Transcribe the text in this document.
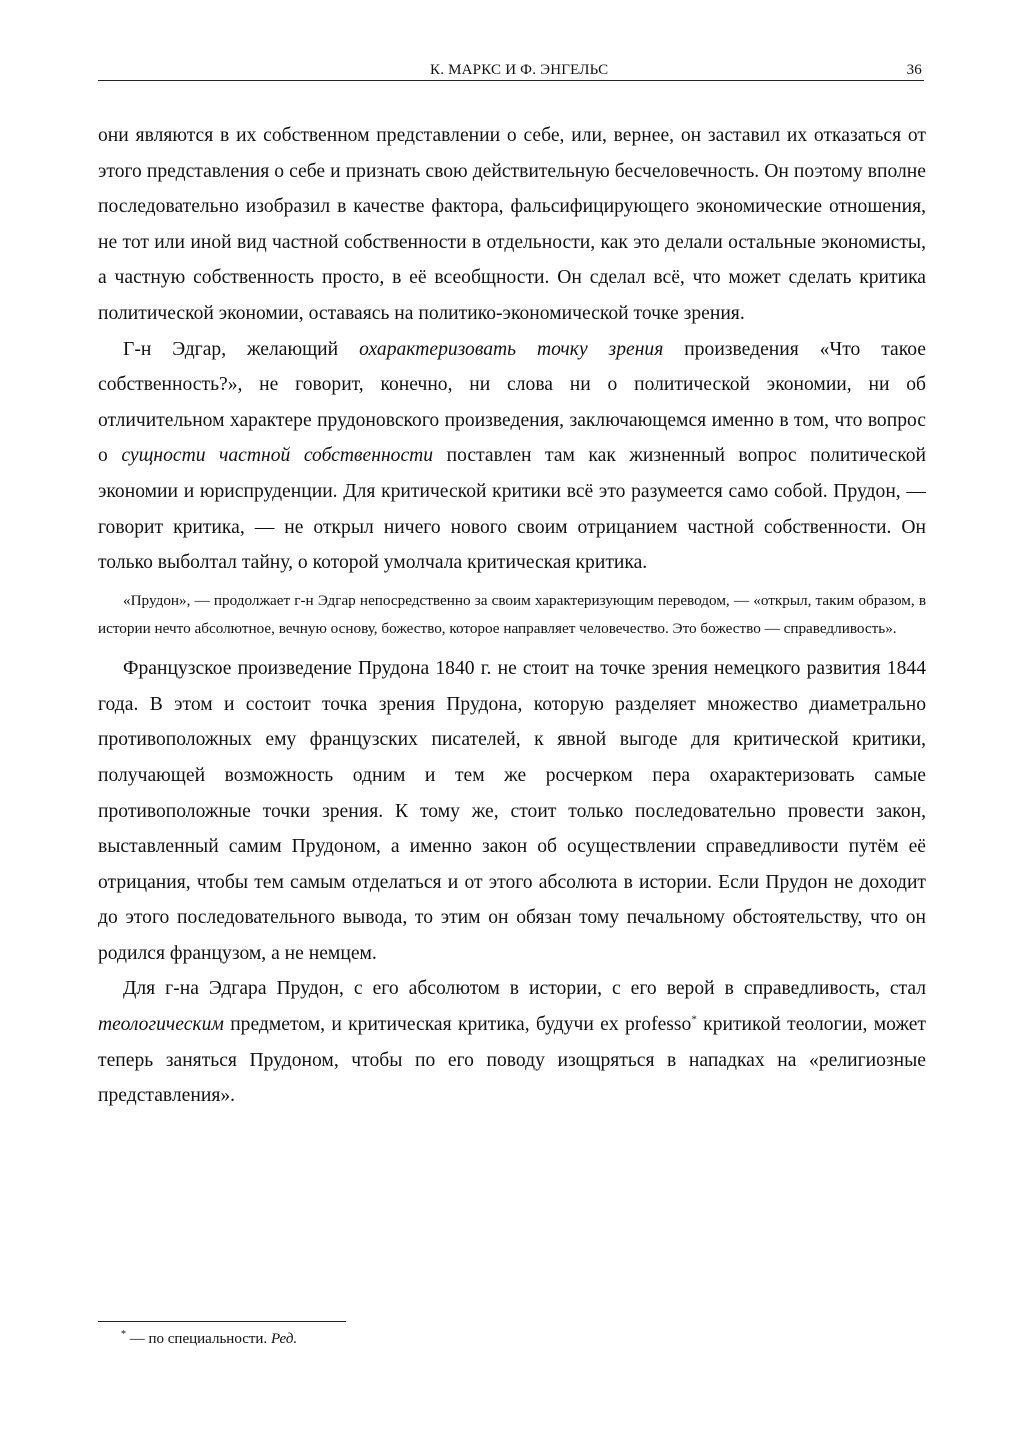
К. МАРКС И Ф. ЭНГЕЛЬС	36

они являются в их собственном представлении о себе, или, вернее, он заставил их отказаться от этого представления о себе и признать свою действительную бесчеловечность. Он поэтому вполне последовательно изобразил в качестве фактора, фальсифицирующего экономические отношения, не тот или иной вид частной собственности в отдельности, как это делали остальные экономисты, а частную собственность просто, в её всеобщности. Он сделал всё, что может сделать критика политической экономии, оставаясь на политико-экономической точке зрения.

Г-н Эдгар, желающий охарактеризовать точку зрения произведения «Что такое собственность?», не говорит, конечно, ни слова ни о политической экономии, ни об отличительном характере прудоновского произведения, заключающемся именно в том, что вопрос о сущности частной собственности поставлен там как жизненный вопрос политической экономии и юриспруденции. Для критической критики всё это разумеется само собой. Прудон, — говорит критика, — не открыл ничего нового своим отрицанием частной собственности. Он только выболтал тайну, о которой умолчала критическая критика.

«Прудон», — продолжает г-н Эдгар непосредственно за своим характеризующим переводом, — «открыл, таким образом, в истории нечто абсолютное, вечную основу, божество, которое направляет человечество. Это божество — справедливость».

Французское произведение Прудона 1840 г. не стоит на точке зрения немецкого развития 1844 года. В этом и состоит точка зрения Прудона, которую разделяет множество диаметрально противоположных ему французских писателей, к явной выгоде для критической критики, получающей возможность одним и тем же росчерком пера охарактеризовать самые противоположные точки зрения. К тому же, стоит только последовательно провести закон, выставленный самим Прудоном, а именно закон об осуществлении справедливости путём её отрицания, чтобы тем самым отделаться и от этого абсолюта в истории. Если Прудон не доходит до этого последовательного вывода, то этим он обязан тому печальному обстоятельству, что он родился французом, а не немцем.

Для г-на Эдгара Прудон, с его абсолютом в истории, с его верой в справедливость, стал теологическим предметом, и критическая критика, будучи ex professo* критикой теологии, может теперь заняться Прудоном, чтобы по его поводу изощряться в нападках на «религиозные представления».

* — по специальности. Ред.
